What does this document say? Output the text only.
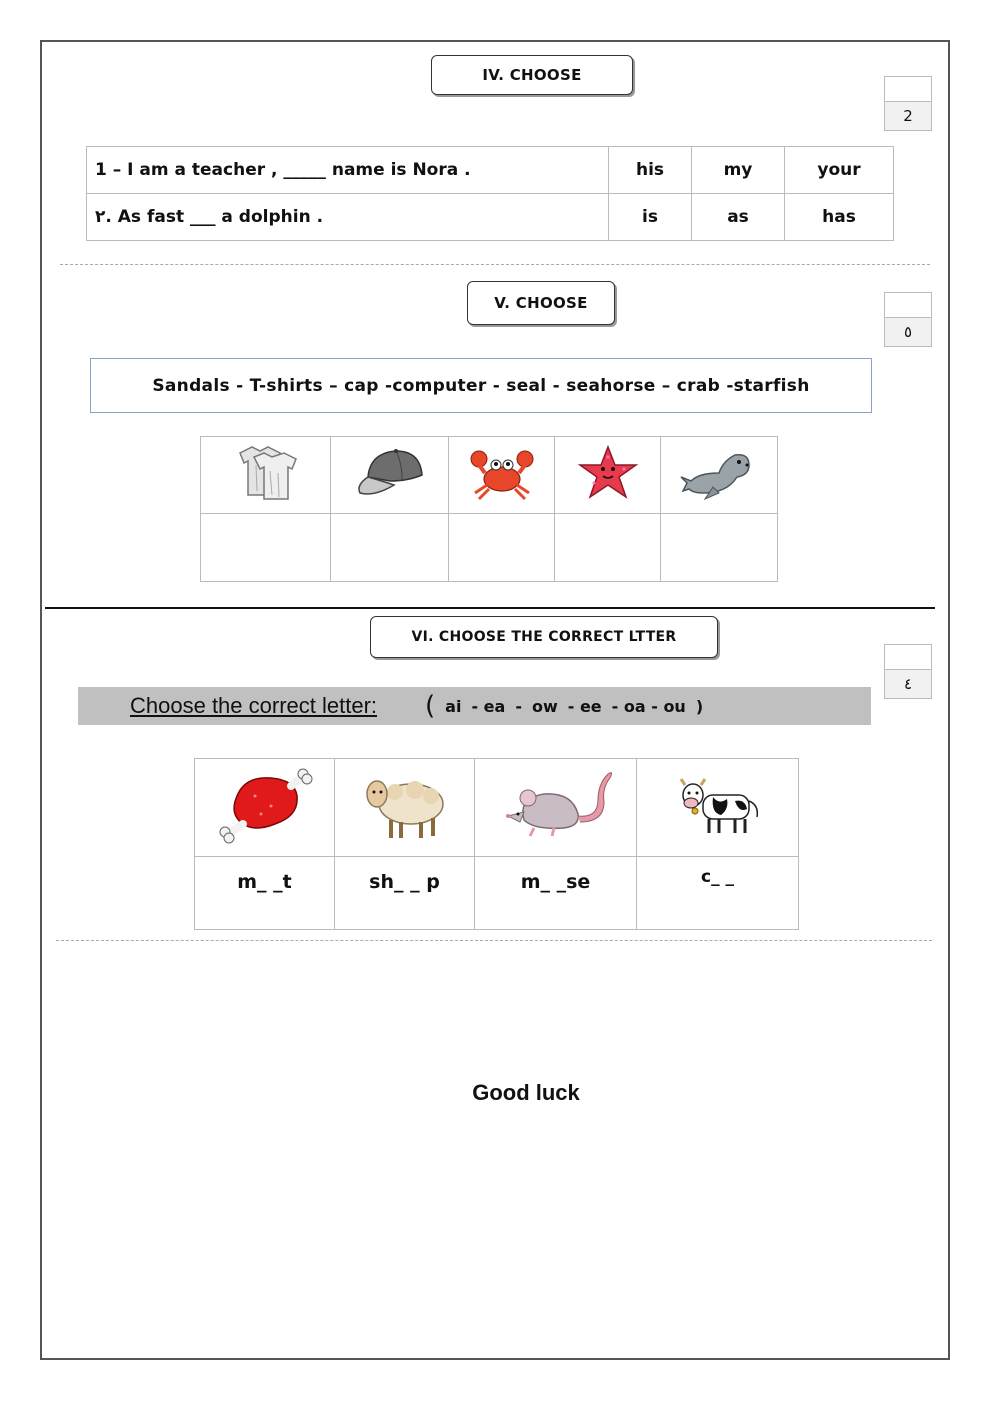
IV. CHOOSE
2
1 – I am a teacher , _____ name is Nora .	his	my	your
٢. As fast ___ a dolphin .	is	as	has
V. CHOOSE
٥
Sandals - T-shirts – cap -computer - seal - seahorse – crab -starfish

VI. CHOOSE THE CORRECT LTTER
٤
Choose the correct letter: ( ai - ea - ow - ee - oa - ou )

m_ _t	sh_ _ p	m_ _se	c_ _
Good luck
